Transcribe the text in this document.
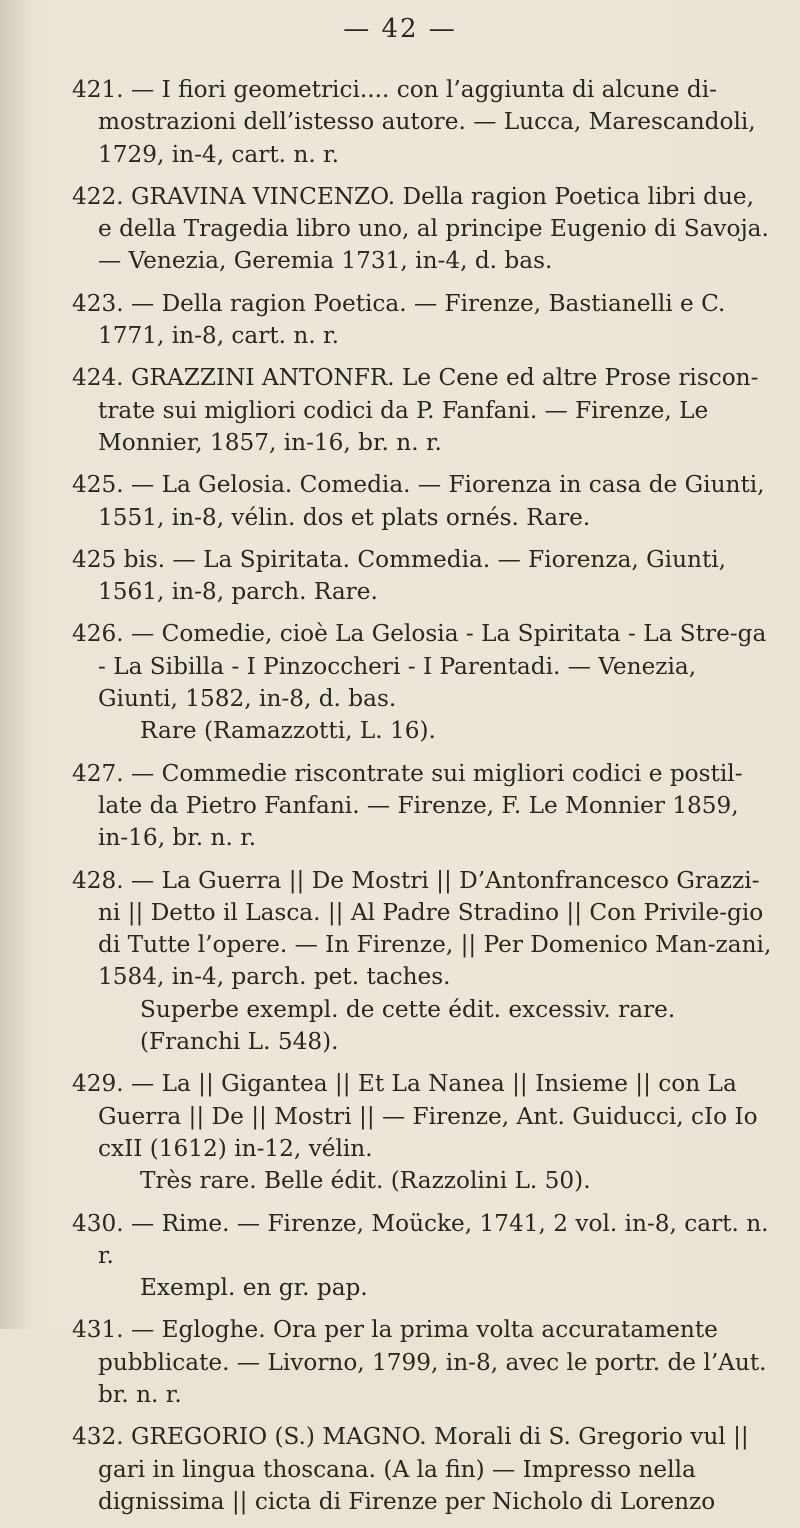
— 42 —

421. — I fiori geometrici.... con l’aggiunta di alcune di-mostrazioni dell’istesso autore. — Lucca, Marescandoli, 1729, in-4, cart. n. r.

422. GRAVINA VINCENZO. Della ragion Poetica libri due, e della Tragedia libro uno, al principe Eugenio di Savoja. — Venezia, Geremia 1731, in-4, d. bas.

423. — Della ragion Poetica. — Firenze, Bastianelli e C. 1771, in-8, cart. n. r.

424. GRAZZINI ANTONFR. Le Cene ed altre Prose riscon-trate sui migliori codici da P. Fanfani. — Firenze, Le Monnier, 1857, in-16, br. n. r.

425. — La Gelosia. Comedia. — Fiorenza in casa de Giunti, 1551, in-8, vélin. dos et plats ornés. Rare.

425 bis. — La Spiritata. Commedia. — Fiorenza, Giunti, 1561, in-8, parch. Rare.

426. — Comedie, cioè La Gelosia - La Spiritata - La Stre-ga - La Sibilla - I Pinzoccheri - I Parentadi. — Venezia, Giunti, 1582, in-8, d. bas.
Rare (Ramazzotti, L. 16).

427. — Commedie riscontrate sui migliori codici e postil-late da Pietro Fanfani. — Firenze, F. Le Monnier 1859, in-16, br. n. r.

428. — La Guerra || De Mostri || D’Antonfrancesco Grazzi-ni || Detto il Lasca. || Al Padre Stradino || Con Privile-gio di Tutte l’opere. — In Firenze, || Per Domenico Man-zani, 1584, in-4, parch. pet. taches.
Superbe exempl. de cette édit. excessiv. rare. (Franchi L. 548).

429. — La || Gigantea || Et La Nanea || Insieme || con La Guerra || De || Mostri || — Firenze, Ant. Guiducci, cIo Io cxII (1612) in-12, vélin.
Très rare. Belle édit. (Razzolini L. 50).

430. — Rime. — Firenze, Moücke, 1741, 2 vol. in-8, cart. n. r.
Exempl. en gr. pap.

431. — Egloghe. Ora per la prima volta accuratamente pubblicate. — Livorno, 1799, in-8, avec le portr. de l’Aut. br. n. r.

432. GREGORIO (S.) MAGNO. Morali di S. Gregorio vul || gari in lingua thoscana. (A la fin) — Impresso nella dignissima || cicta di Firenze per Nicholo di Lorenzo
